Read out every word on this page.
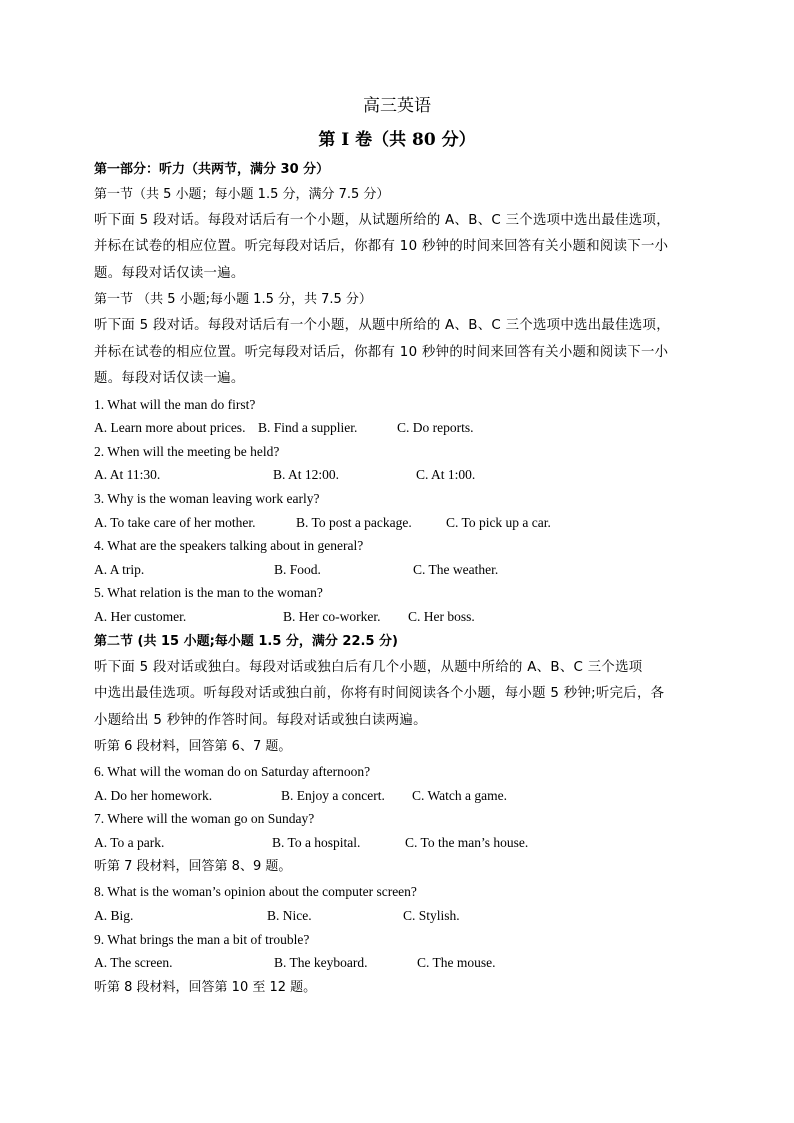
高三英语
第 I 卷（共 80 分）
第一部分：听力（共两节，满分 30 分）
第一节（共 5 小题；每小题 1.5 分，满分 7.5 分）
听下面 5 段对话。每段对话后有一个小题，从试题所给的 A、B、C 三个选项中选出最佳选项，
并标在试卷的相应位置。听完每段对话后，你都有 10 秒钟的时间来回答有关小题和阅读下一小
题。每段对话仅读一遍。
第一节 （共 5 小题;每小题 1.5 分，共 7.5 分）
听下面 5 段对话。每段对话后有一个小题，从题中所给的 A、B、C 三个选项中选出最佳选项，
并标在试卷的相应位置。听完每段对话后，你都有 10 秒钟的时间来回答有关小题和阅读下一小
题。每段对话仅读一遍。
1. What will the man do first?
A. Learn more about prices. B. Find a supplier.	C. Do reports.
2. When will the meeting be held?
A. At 11:30.	B. At 12:00.	C. At 1:00.
3. Why is the woman leaving work early?
A. To take care of her mother.	B. To post a package.	C. To pick up a car.
4. What are the speakers talking about in general?
A. A trip.	B. Food.	C. The weather.
5. What relation is the man to the woman?
A. Her customer.	B. Her co-worker.	C. Her boss.
第二节 (共 15 小题;每小题 1.5 分，满分 22.5 分)
听下面 5 段对话或独白。每段对话或独白后有几个小题，从题中所给的 A、B、C 三个选项
中选出最佳选项。听每段对话或独白前，你将有时间阅读各个小题，每小题 5 秒钟;听完后，各
小题给出 5 秒钟的作答时间。每段对话或独白读两遍。
听第 6 段材料，回答第 6、7 题。
6. What will the woman do on Saturday afternoon?
A. Do her homework.	B. Enjoy a concert.	C. Watch a game.
7. Where will the woman go on Sunday?
A. To a park.	B. To a hospital.	C. To the man’s house.
听第 7 段材料，回答第 8、9 题。
8. What is the woman’s opinion about the computer screen?
A. Big.	B. Nice.	C. Stylish.
9. What brings the man a bit of trouble?
A. The screen.	B. The keyboard.	C. The mouse.
听第 8 段材料，回答第 10 至 12 题。
